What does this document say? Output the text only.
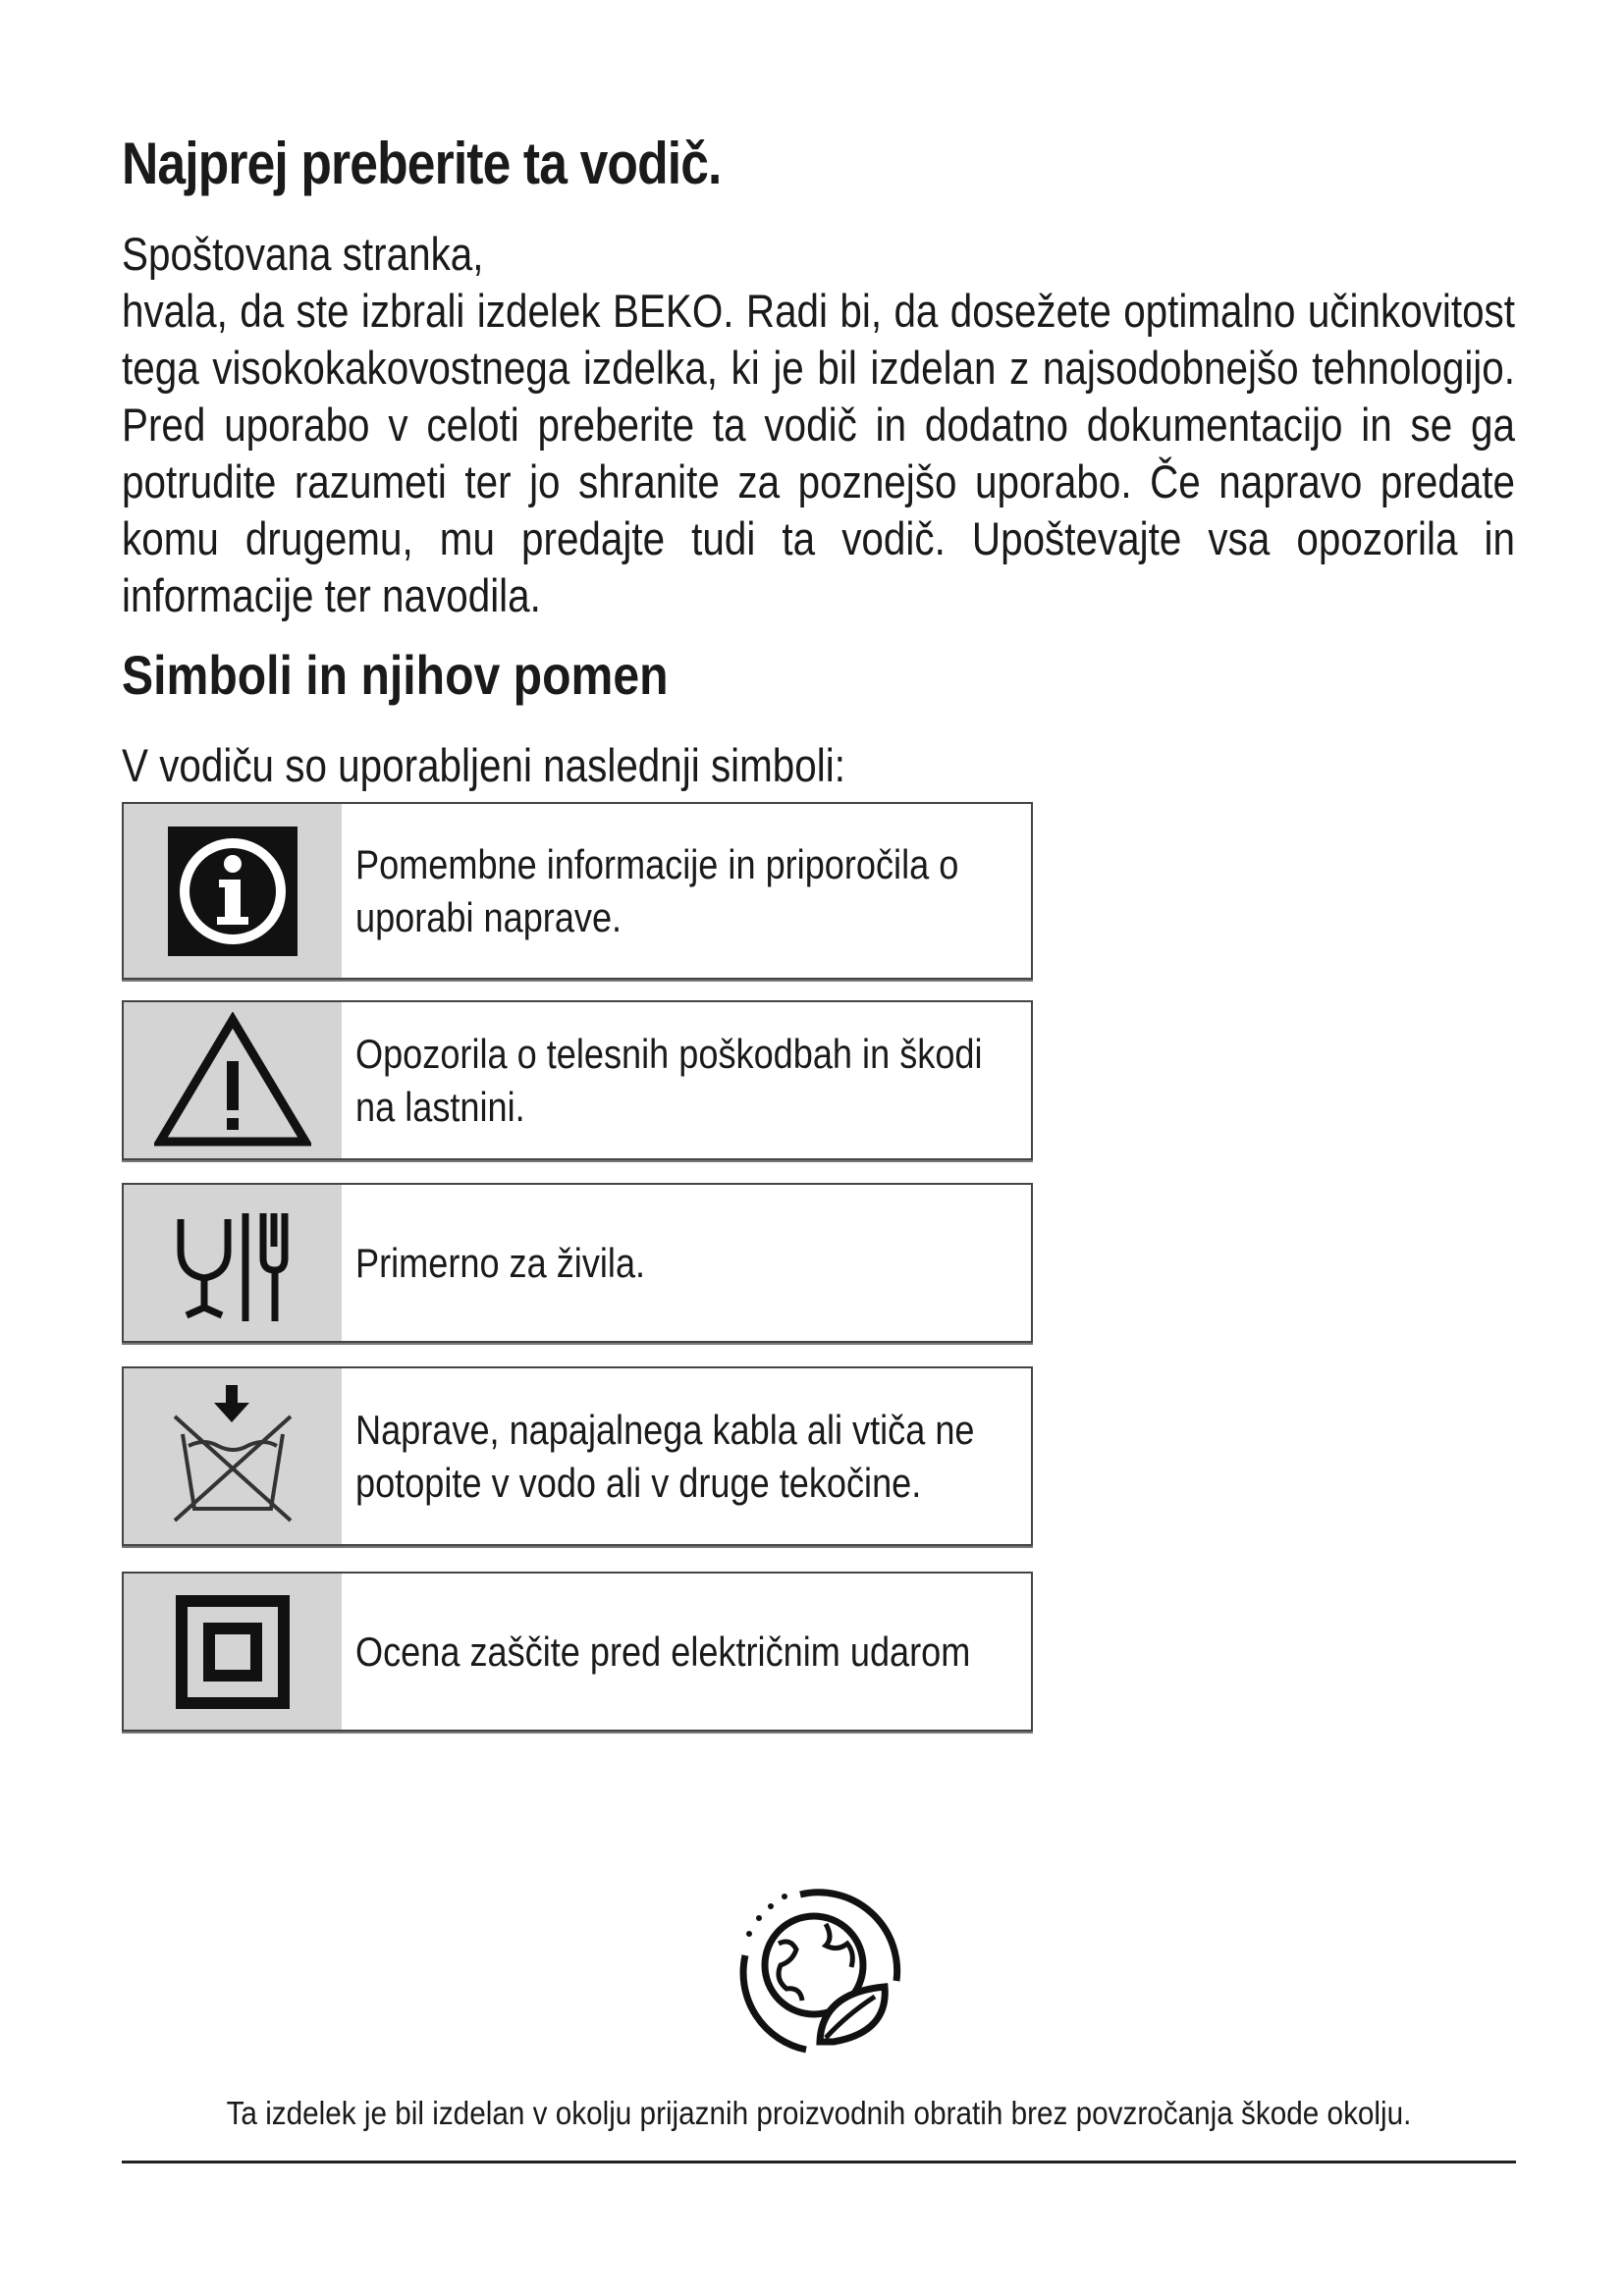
Najprej preberite ta vodič.

Spoštovana stranka,

hvala, da ste izbrali izdelek BEKO. Radi bi, da dosežete optimalno učinkovitost tega visokokakovostnega izdelka, ki je bil izdelan z najsodobnejšo tehnologijo. Pred uporabo v celoti preberite ta vodič in dodatno dokumentacijo in se ga potrudite razumeti ter jo shranite za poznejšo uporabo. Če napravo predate komu drugemu, mu predajte tudi ta vodič. Upoštevajte vsa opozorila in informacije ter navodila.

Simboli in njihov pomen

V vodiču so uporabljeni naslednji simboli:

Pomembne informacije in priporočila o uporabi naprave.
Opozorila o telesnih poškodbah in škodi na lastnini.
Primerno za živila.
Naprave, napajalnega kabla ali vtiča ne potopite v vodo ali v druge tekočine.
Ocena zaščite pred električnim udarom
Ta izdelek je bil izdelan v okolju prijaznih proizvodnih obratih brez povzročanja škode okolju.
